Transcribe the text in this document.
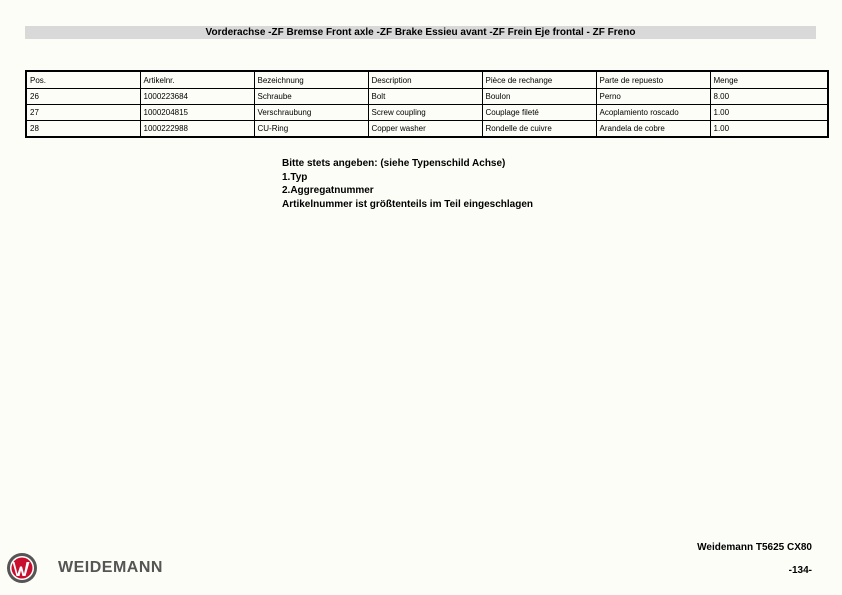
Vorderachse -ZF Bremse Front axle -ZF Brake Essieu avant -ZF Frein Eje frontal - ZF Freno
Pos.	Artikelnr.	Bezeichnung	Description	Pièce de rechange	Parte de repuesto	Menge
26	1000223684	Schraube	Bolt	Boulon	Perno	8.00
27	1000204815	Verschraubung	Screw coupling	Couplage fileté	Acoplamiento roscado	1.00
28	1000222988	CU-Ring	Copper washer	Rondelle de cuivre	Arandela de cobre	1.00
Bitte stets angeben: (siehe Typenschild Achse)
1.Typ
2.Aggregatnummer
Artikelnummer ist größtenteils im Teil eingeschlagen
Weidemann T5625 CX80
-134-
WEIDEMANN
